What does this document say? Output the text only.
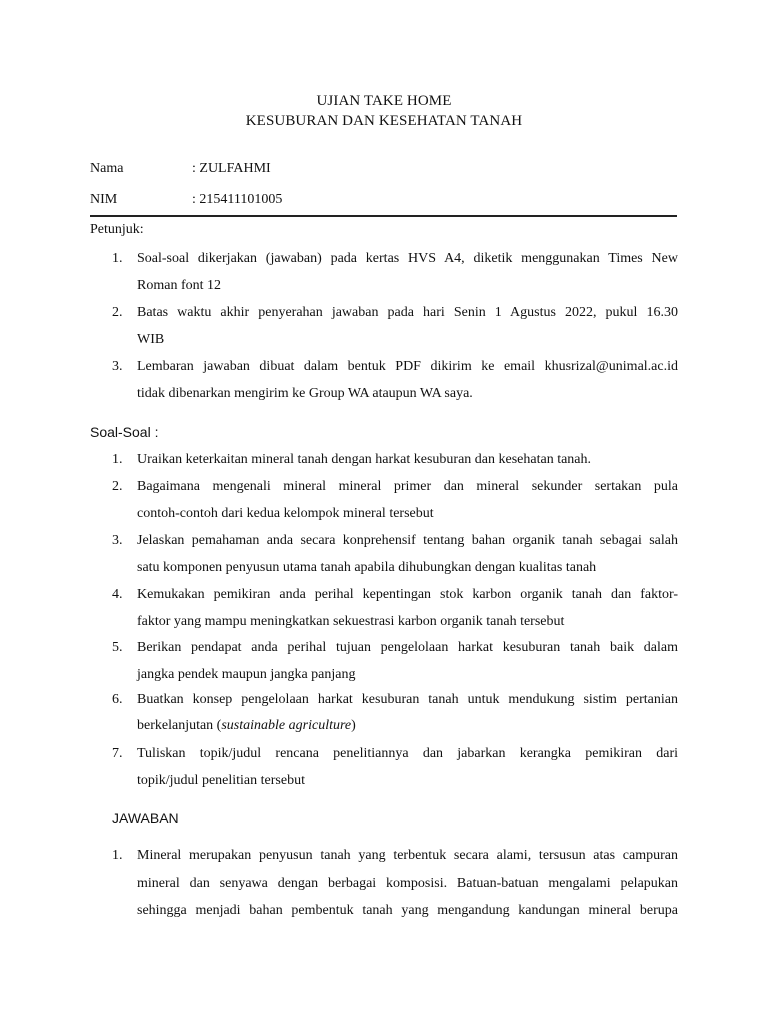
UJIAN TAKE HOME
KESUBURAN DAN KESEHATAN TANAH
Nama	: ZULFAHMI
NIM	: 215411101005
Petunjuk:
1. Soal-soal dikerjakan (jawaban) pada kertas HVS A4, diketik menggunakan Times New
Roman font 12
2. Batas waktu akhir penyerahan jawaban pada hari Senin 1 Agustus 2022, pukul 16.30
WIB
3. Lembaran jawaban dibuat dalam bentuk PDF dikirim ke email khusrizal@unimal.ac.id
tidak dibenarkan mengirim ke Group WA ataupun WA saya.
Soal-Soal :
1. Uraikan keterkaitan mineral tanah dengan harkat kesuburan dan kesehatan tanah.
2. Bagaimana mengenali mineral mineral primer dan mineral sekunder sertakan pula
contoh-contoh dari kedua kelompok mineral tersebut
3. Jelaskan pemahaman anda secara konprehensif tentang bahan organik tanah sebagai salah
satu komponen penyusun utama tanah apabila dihubungkan dengan kualitas tanah
4. Kemukakan pemikiran anda perihal kepentingan stok karbon organik tanah dan faktor-
faktor yang mampu meningkatkan sekuestrasi karbon organik tanah tersebut
5. Berikan pendapat anda perihal tujuan pengelolaan harkat kesuburan tanah baik dalam
jangka pendek maupun jangka panjang
6. Buatkan konsep pengelolaan harkat kesuburan tanah untuk mendukung sistim pertanian
berkelanjutan (sustainable agriculture)
7. Tuliskan topik/judul rencana penelitiannya dan jabarkan kerangka pemikiran dari
topik/judul penelitian tersebut
JAWABAN
1. Mineral merupakan penyusun tanah yang terbentuk secara alami, tersusun atas campuran
mineral dan senyawa dengan berbagai komposisi. Batuan-batuan mengalami pelapukan
sehingga menjadi bahan pembentuk tanah yang mengandung kandungan mineral berupa
